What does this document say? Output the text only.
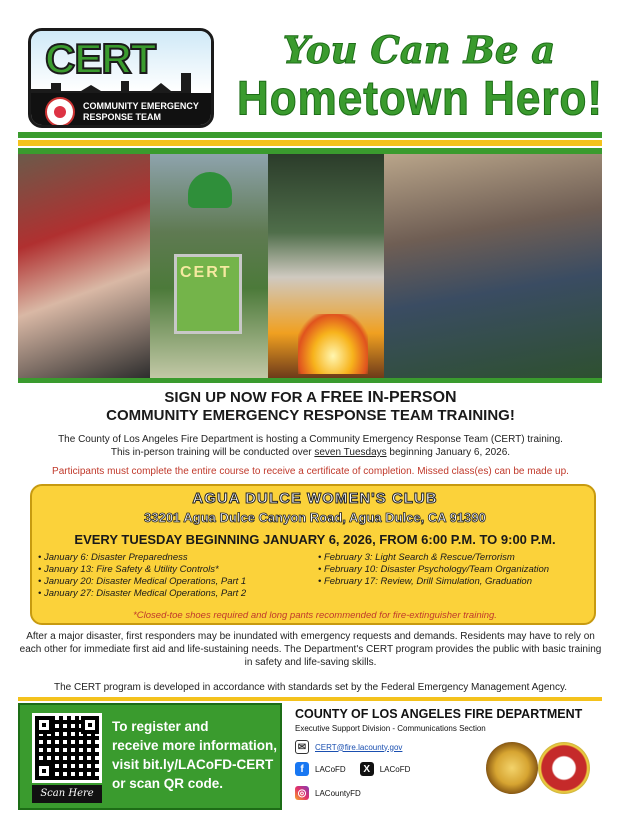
CERT
COMMUNITY EMERGENCY
RESPONSE TEAM
You Can Be a
Hometown Hero!
CERT
SIGN UP NOW FOR A FREE IN-PERSON
COMMUNITY EMERGENCY RESPONSE TEAM TRAINING!
The County of Los Angeles Fire Department is hosting a Community Emergency Response Team (CERT) training.
This in-person training will be conducted over seven Tuesdays beginning January 6, 2026.
Participants must complete the entire course to receive a certificate of completion. Missed class(es) can be made up.
AGUA DULCE WOMEN'S CLUB
33201 Agua Dulce Canyon Road, Agua Dulce, CA 91390
EVERY TUESDAY BEGINNING JANUARY 6, 2026, FROM 6:00 P.M. TO 9:00 P.M.
• January 6: Disaster Preparedness
• January 13: Fire Safety & Utility Controls*
• January 20: Disaster Medical Operations, Part 1
• January 27: Disaster Medical Operations, Part 2
• February 3: Light Search & Rescue/Terrorism
• February 10: Disaster Psychology/Team Organization
• February 17: Review, Drill Simulation, Graduation
*Closed-toe shoes required and long pants recommended for fire-extinguisher training.
After a major disaster, first responders may be inundated with emergency requests and demands. Residents may have to rely on each other for immediate first aid and life-sustaining needs. The Department's CERT program provides the public with basic training in safety and life-saving skills.
The CERT program is developed in accordance with standards set by the Federal Emergency Management Agency.
Scan Here
To register and
receive more information,
visit bit.ly/LACoFD-CERT
or scan QR code.
COUNTY OF LOS ANGELES FIRE DEPARTMENT
Executive Support Division - Communications Section
✉	CERT@fire.lacounty.gov
f	LACoFD	X	LACoFD
◎	LACountyFD
